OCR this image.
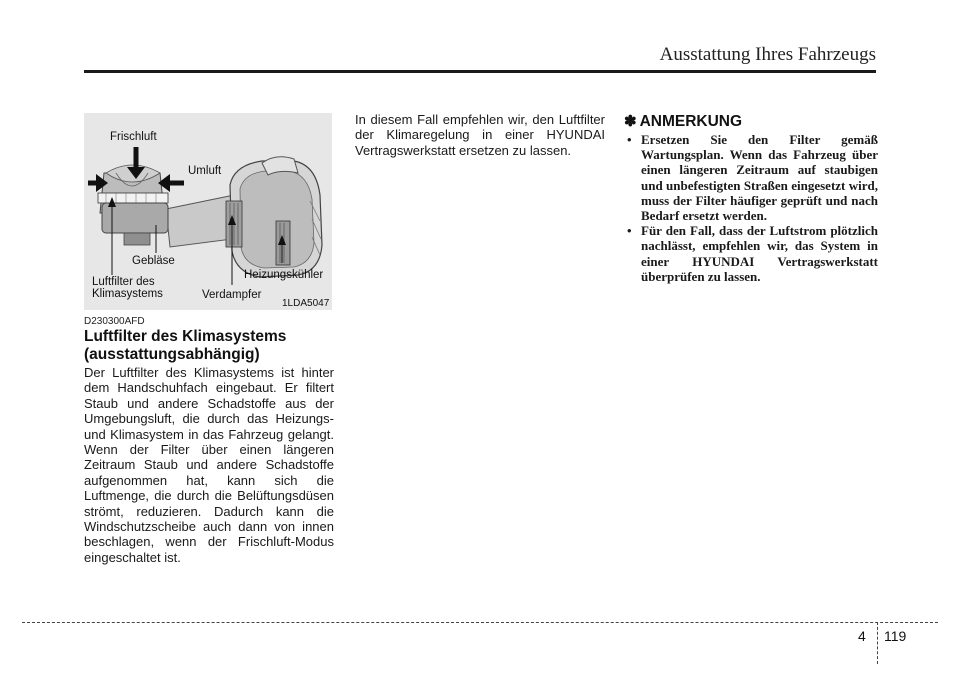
Ausstattung Ihres Fahrzeugs
Frischluft
Umluft
Gebläse
Luftfilter des
Klimasystems	Verdampfer
Heizungskühler
1LDA5047
D230300AFD
Luftfilter des Klimasystems (ausstattungsabhängig)

Der Luftfilter des Klimasystems ist hinter dem Handschuhfach eingebaut. Er filtert Staub und andere Schadstoffe aus der Umgebungsluft, die durch das Heizungs- und Klimasystem in das Fahrzeug gelangt. Wenn der Filter über einen längeren Zeitraum Staub und andere Schadstoffe aufgenommen hat, kann sich die Luftmenge, die durch die Belüftungsdüsen strömt, reduzieren. Dadurch kann die Windschutzscheibe auch dann von innen beschlagen, wenn der Frischluft-Modus eingeschaltet ist.

In diesem Fall empfehlen wir, den Luftfilter der Klimaregelung in einer HYUNDAI Vertragswerkstatt ersetzen zu lassen.

✽ ANMERKUNG
• Ersetzen Sie den Filter gemäß Wartungsplan. Wenn das Fahrzeug über einen längeren Zeitraum auf staubigen und unbefestigten Straßen eingesetzt wird, muss der Filter häufiger geprüft und nach Bedarf ersetzt werden.
• Für den Fall, dass der Luftstrom plötzlich nachlässt, empfehlen wir, das System in einer HYUNDAI Vertragswerkstatt überprüfen zu lassen.
4 119
